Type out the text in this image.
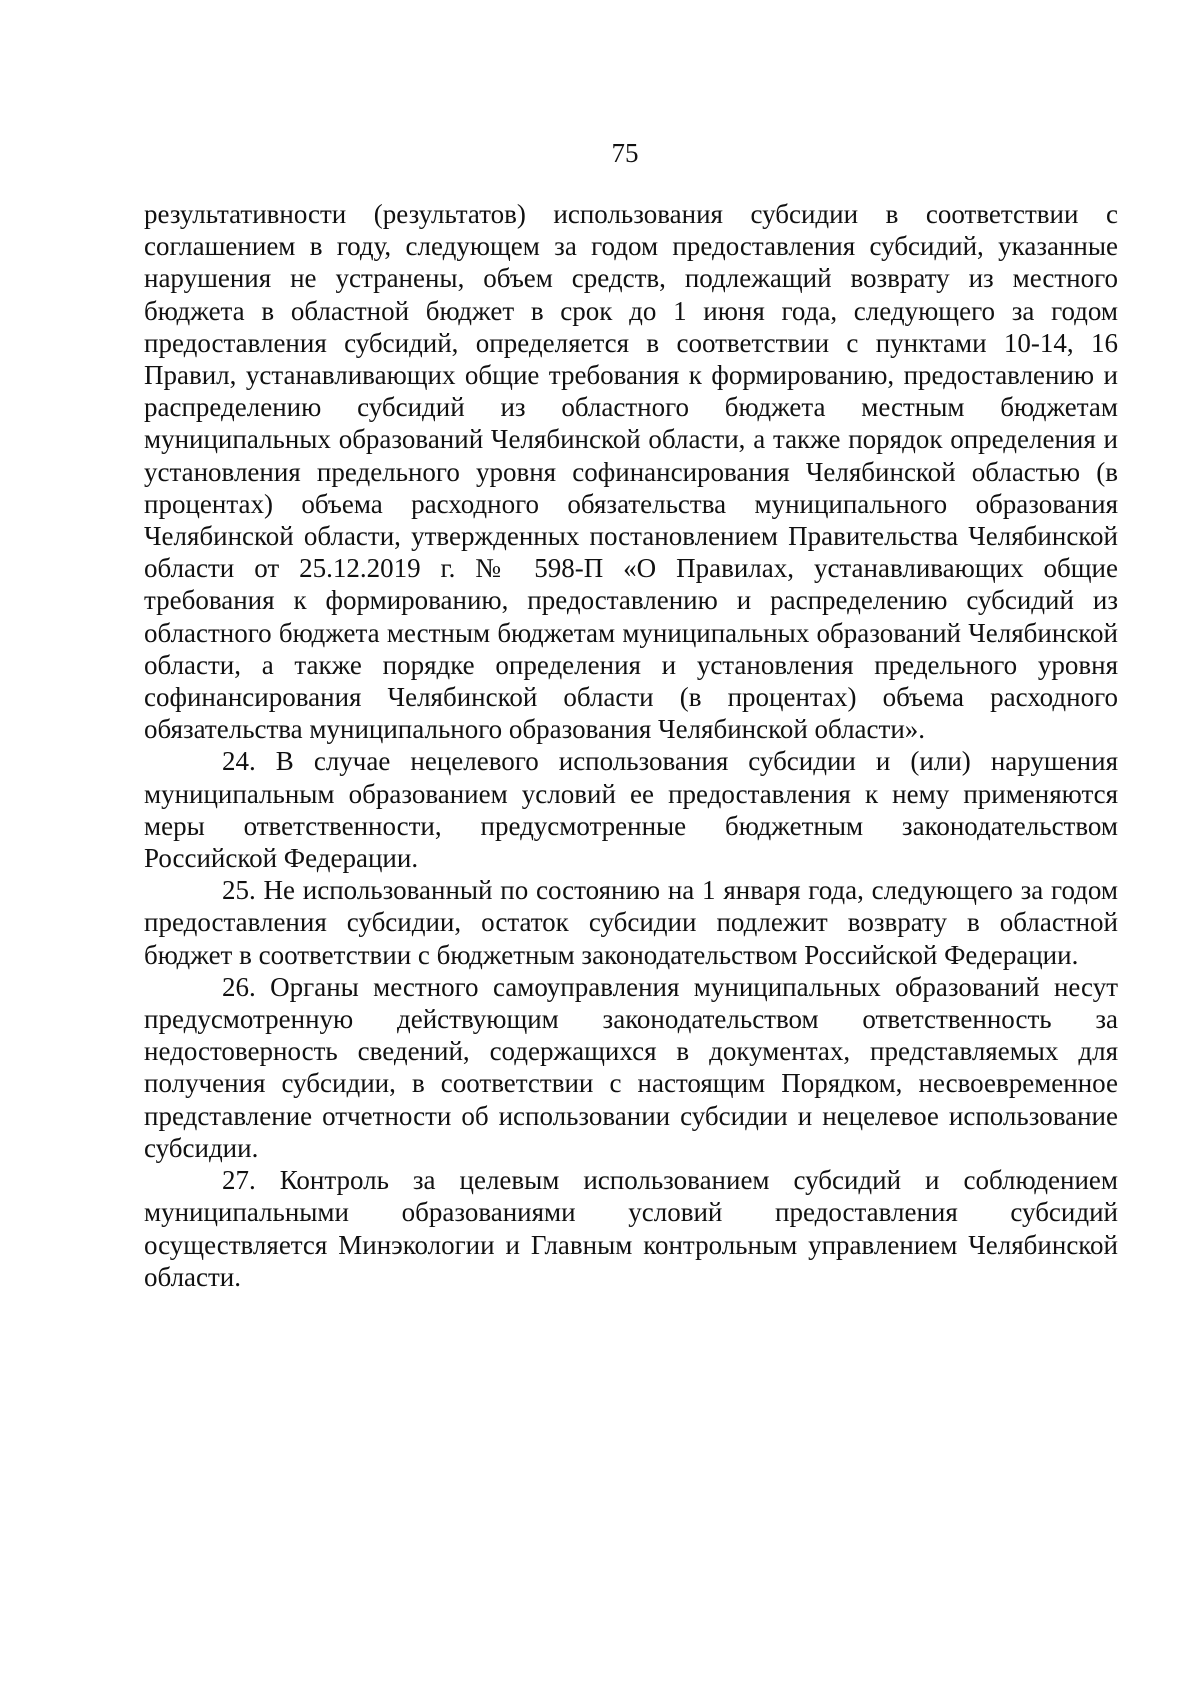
75

результативности (результатов) использования субсидии в соответствии с соглашением в году, следующем за годом предоставления субсидий, указанные нарушения не устранены, объем средств, подлежащий возврату из местного бюджета в областной бюджет в срок до 1 июня года, следующего за годом предоставления субсидий, определяется в соответствии с пунктами 10-14, 16 Правил, устанавливающих общие требования к формированию, предоставлению и распределению субсидий из областного бюджета местным бюджетам муниципальных образований Челябинской области, а также порядок определения и установления предельного уровня софинансирования Челябинской областью (в процентах) объема расходного обязательства муниципального образования Челябинской области, утвержденных постановлением Правительства Челябинской области от 25.12.2019 г. № 598-П «О Правилах, устанавливающих общие требования к формированию, предоставлению и распределению субсидий из областного бюджета местным бюджетам муниципальных образований Челябинской области, а также порядке определения и установления предельного уровня софинансирования Челябинской области (в процентах) объема расходного обязательства муниципального образования Челябинской области».

24. В случае нецелевого использования субсидии и (или) нарушения муниципальным образованием условий ее предоставления к нему применяются меры ответственности, предусмотренные бюджетным законодательством Российской Федерации.

25. Не использованный по состоянию на 1 января года, следующего за годом предоставления субсидии, остаток субсидии подлежит возврату в областной бюджет в соответствии с бюджетным законодательством Российской Федерации.

26. Органы местного самоуправления муниципальных образований несут предусмотренную действующим законодательством ответственность за недостоверность сведений, содержащихся в документах, представляемых для получения субсидии, в соответствии с настоящим Порядком, несвоевременное представление отчетности об использовании субсидии и нецелевое использование субсидии.

27. Контроль за целевым использованием субсидий и соблюдением муниципальными образованиями условий предоставления субсидий осуществляется Минэкологии и Главным контрольным управлением Челябинской области.
